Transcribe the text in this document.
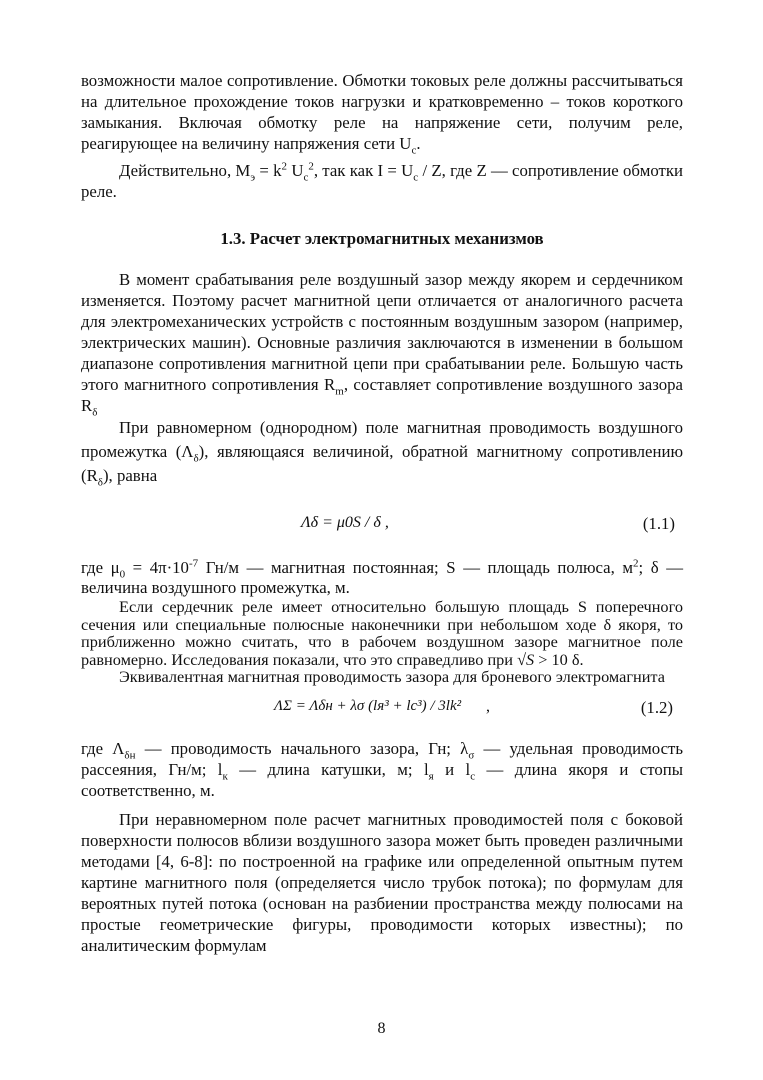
возможности малое сопротивление. Обмотки токовых реле должны рассчитываться на длительное прохождение токов нагрузки и кратковременно – токов короткого замыкания. Включая обмотку реле на напряжение сети, получим реле, реагирующее на величину напряжения сети $U_c$.

Действительно, $M_э = k^2$ $U_c^2$, так как $I = U_c / Z$, где Z — сопротивление обмотки реле.

1.3. Расчет электромагнитных механизмов

В момент срабатывания реле воздушный зазор между якорем и сердечником изменяется. Поэтому расчет магнитной цепи отличается от аналогичного расчета для электромеханических устройств с постоянным воздушным зазором (например, электрических машин). Основные различия заключаются в изменении в большом диапазоне сопротивления магнитной цепи при срабатывании реле. Большую часть этого магнитного сопротивления $R_m$, составляет сопротивление воздушного зазора $R_\delta$

При равномерном (однородном) поле магнитная проводимость воздушного промежутка $(\Lambda_\delta)$, являющаяся величиной, обратной магнитному сопротивлению $(R_\delta)$, равна

Λδ = μ0S / δ ,	(1.1)

где $\mu_0 = 4\pi\cdot 10^{-7}$ Гн/м — магнитная постоянная; S — площадь полюса, $м^2$; δ — величина воздушного промежутка, м.

Если сердечник реле имеет относительно большую площадь S поперечного сечения или специальные полюсные наконечники при небольшом ходе δ якоря, то приближенно можно считать, что в рабочем воздушном зазоре магнитное поле равномерно. Исследования показали, что это справедливо при √S > 10 δ.

Эквивалентная магнитная проводимость зазора для броневого электромагнита

ΛΣ = Λδн + λσ (lя³ + lс³) / 3lk² ,	(1.2)

где $\Lambda_{\delta н}$ — проводимость начального зазора, Гн; $\lambda_\sigma$ — удельная проводимость рассеяния, Гн/м; $l_к$ — длина катушки, м; $l_я$ и $l_с$ — длина якоря и стопы соответственно, м.

При неравномерном поле расчет магнитных проводимостей поля с боковой поверхности полюсов вблизи воздушного зазора может быть проведен различными методами [4, 6-8]: по построенной на графике или определенной опытным путем картине магнитного поля (определяется число трубок потока); по формулам для вероятных путей потока (основан на разбиении пространства между полюсами на простые геометрические фигуры, проводимости которых известны); по аналитическим формулам

8
